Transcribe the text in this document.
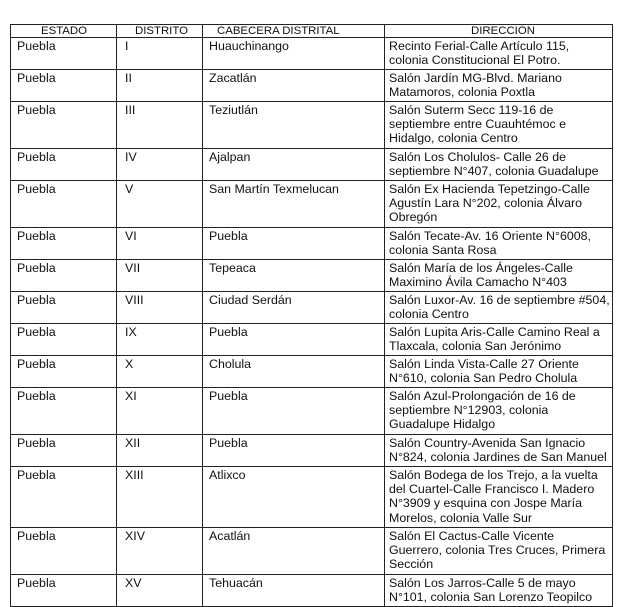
ESTADO	DISTRITO	CABECERA DISTRITAL	DIRECCIÓN
Puebla	I	Huauchinango	Recinto Ferial-Calle Artículo 115, colonia Constitucional El Potro.
Puebla	II	Zacatlán	Salón Jardín MG-Blvd. Mariano Matamoros, colonia Poxtla
Puebla	III	Teziutlán	Salón Suterm Secc 119-16 de septiembre entre Cuauhtémoc e Hidalgo, colonia Centro
Puebla	IV	Ajalpan	Salón Los Cholulos- Calle 26 de septiembre N°407, colonia Guadalupe
Puebla	V	San Martín Texmelucan	Salón Ex Hacienda Tepetzingo-Calle Agustín Lara N°202, colonia Álvaro Obregón
Puebla	VI	Puebla	Salón Tecate-Av. 16 Oriente N°6008, colonia Santa Rosa
Puebla	VII	Tepeaca	Salón María de los Ángeles-Calle Maximino Ávila Camacho N°403
Puebla	VIII	Ciudad Serdán	Salón Luxor-Av. 16 de septiembre #504, colonia Centro
Puebla	IX	Puebla	Salón Lupita Aris-Calle Camino Real a Tlaxcala, colonia San Jerónimo
Puebla	X	Cholula	Salón Linda Vista-Calle 27 Oriente N°610, colonia San Pedro Cholula
Puebla	XI	Puebla	Salón Azul-Prolongación de 16 de septiembre N°12903, colonia Guadalupe Hidalgo
Puebla	XII	Puebla	Salón Country-Avenida San Ignacio N°824, colonia Jardines de San Manuel
Puebla	XIII	Atlixco	Salón Bodega de los Trejo, a la vuelta del Cuartel-Calle Francisco I. Madero N°3909 y esquina con Jospe María Morelos, colonia Valle Sur
Puebla	XIV	Acatlán	Salón El Cactus-Calle Vicente Guerrero, colonia Tres Cruces, Primera Sección
Puebla	XV	Tehuacán	Salón Los Jarros-Calle 5 de mayo N°101, colonia San Lorenzo Teopilco
